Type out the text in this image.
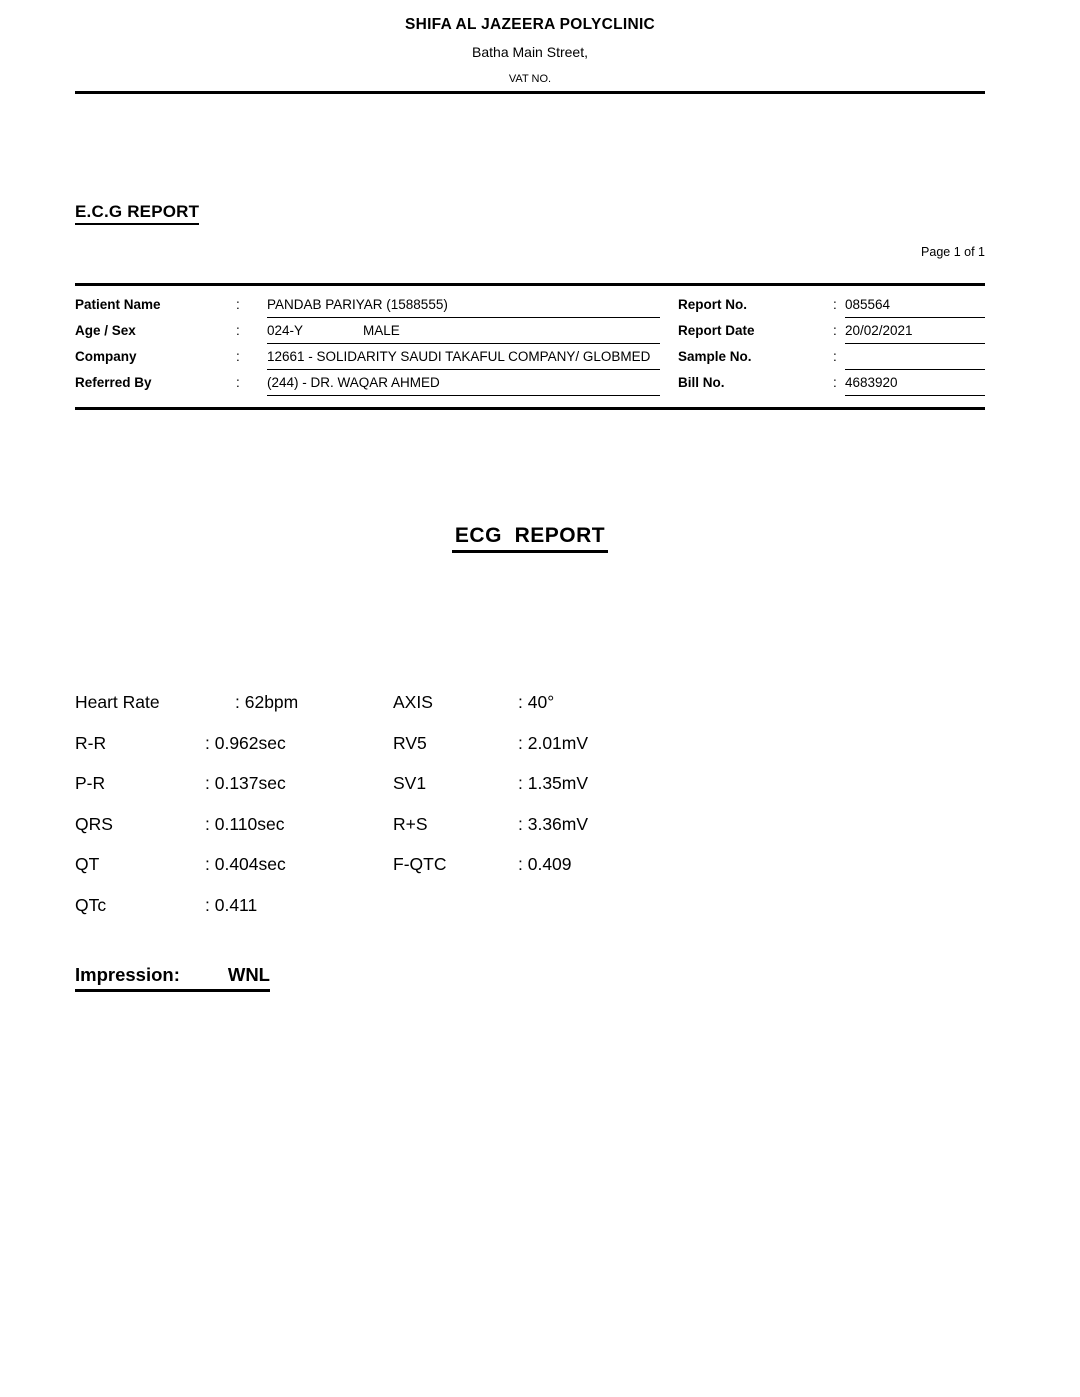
SHIFA AL JAZEERA POLYCLINIC
Batha Main Street,
VAT NO.
E.C.G REPORT
Page 1 of 1
Patient Name	:	PANDAB PARIYAR (1588555)	Report No.	: 085564
Age / Sex	:	024-Y	MALE	Report Date	: 20/02/2021
Company	:	12661 - SOLIDARITY SAUDI TAKAFUL COMPANY/ GLOBMED	Sample No.	:
Referred By	:	(244) - DR. WAQAR AHMED	Bill No.	: 4683920
ECG  REPORT
Heart Rate	: 62bpm	AXIS	: 40°
R-R	: 0.962sec	RV5	: 2.01mV
P-R	: 0.137sec	SV1	: 1.35mV
QRS	: 0.110sec	R+S	: 3.36mV
QT	: 0.404sec	F-QTC	: 0.409
QTc	: 0.411
Impression:	WNL
